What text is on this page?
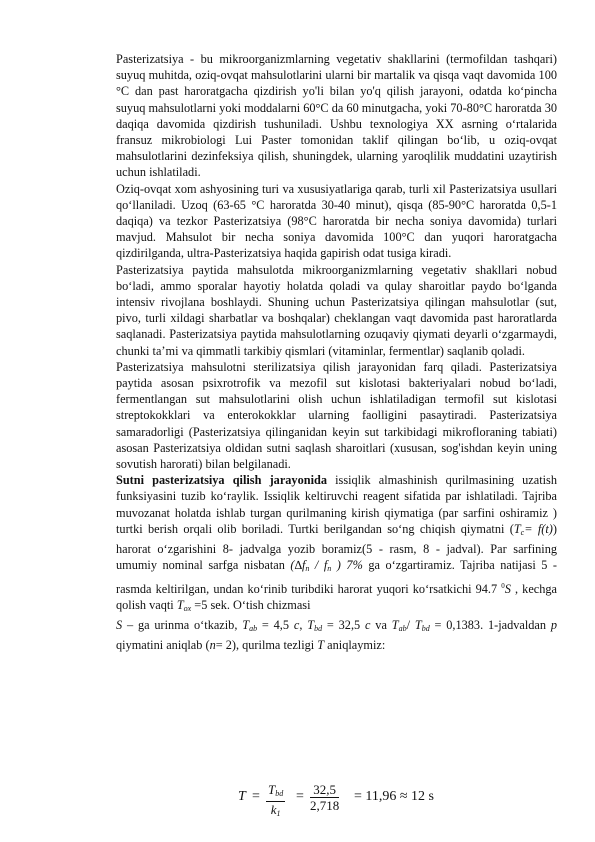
Pasterizatsiya - bu mikroorganizmlarning vegetativ shakllarini (termofildan tashqari) suyuq muhitda, oziq-ovqat mahsulotlarini ularni bir martalik va qisqa vaqt davomida 100 °C dan past haroratgacha qizdirish yo'li bilan yo'q qilish jarayoni, odatda ko‘pincha suyuq mahsulotlarni yoki moddalarni 60°C da 60 minutgacha, yoki 70-80°C haroratda 30 daqiqa davomida qizdirish tushuniladi. Ushbu texnologiya XX asrning o‘rtalarida fransuz mikrobiologi Lui Paster tomonidan taklif qilingan bo‘lib, u oziq-ovqat mahsulotlarini dezinfeksiya qilish, shuningdek, ularning yaroqlilik muddatini uzaytirish uchun ishlatiladi.

Oziq-ovqat xom ashyosining turi va xususiyatlariga qarab, turli xil Pasterizatsiya usullari qo‘llaniladi. Uzoq (63-65 °C haroratda 30-40 minut), qisqa (85-90°C haroratda 0,5-1 daqiqa) va tezkor Pasterizatsiya (98°C haroratda bir necha soniya davomida) turlari mavjud. Mahsulot bir necha soniya davomida 100°C dan yuqori haroratgacha qizdirilganda, ultra-Pasterizatsiya haqida gapirish odat tusiga kiradi.

Pasterizatsiya paytida mahsulotda mikroorganizmlarning vegetativ shakllari nobud bo‘ladi, ammo sporalar hayotiy holatda qoladi va qulay sharoitlar paydo bo‘lganda intensiv rivojlana boshlaydi. Shuning uchun Pasterizatsiya qilingan mahsulotlar (sut, pivo, turli xildagi sharbatlar va boshqalar) cheklangan vaqt davomida past haroratlarda saqlanadi. Pasterizatsiya paytida mahsulotlarning ozuqaviy qiymati deyarli o‘zgarmaydi, chunki ta’mi va qimmatli tarkibiy qismlari (vitaminlar, fermentlar) saqlanib qoladi.

Pasterizatsiya mahsulotni sterilizatsiya qilish jarayonidan farq qiladi. Pasterizatsiya paytida asosan psixrotrofik va mezofil sut kislotasi bakteriyalari nobud bo‘ladi, fermentlangan sut mahsulotlarini olish uchun ishlatiladigan termofil sut kislotasi streptokokklari va enterokokklar ularning faolligini pasaytiradi. Pasterizatsiya samaradorligi (Pasterizatsiya qilinganidan keyin sut tarkibidagi mikrofloraning tabiati) asosan Pasterizatsiya oldidan sutni saqlash sharoitlari (xususan, sog'ishdan keyin uning sovutish harorati) bilan belgilanadi.

Sutni pasterizatsiya qilish jarayonida issiqlik almashinish qurilmasining uzatish funksiyasini tuzib ko‘raylik. Issiqlik keltiruvchi reagent sifatida par ishlatiladi. Tajriba muvozanat holatda ishlab turgan qurilmaning kirish qiymatiga (par sarfini oshiramiz ) turtki berish orqali olib boriladi. Turtki berilgandan so‘ng chiqish qiymatni $(T_c= f(t))$ harorat o‘zgarishini 8- jadvalga yozib boramiz(5 - rasm, 8 - jadval). Par sarfining umumiy nominal sarfga nisbatan ($\Delta f_n / f_n$ ) 7% ga o‘zgartiramiz. Tajriba natijasi 5 - rasmda keltirilgan, undan ko‘rinib turibdiki harorat yuqori ko‘rsatkichi 94.7 $^0$S , kechga qolish vaqti $T_{ox} =5$ sek. O‘tish chizmasi

S – ga urinma o‘tkazib, $T_{ab} = 4,5$ c, $T_{bd} = 32,5$ c va $T_{ab}/$ $T_{bd} = 0,1383$. 1-jadvaldan p qiymatini aniqlab (n= 2), qurilma tezligi T aniqlaymiz:

$T = T_{bd}$
$k_1$
= $\frac{32,5}{2,718} = 11,96 \approx 12$ s
